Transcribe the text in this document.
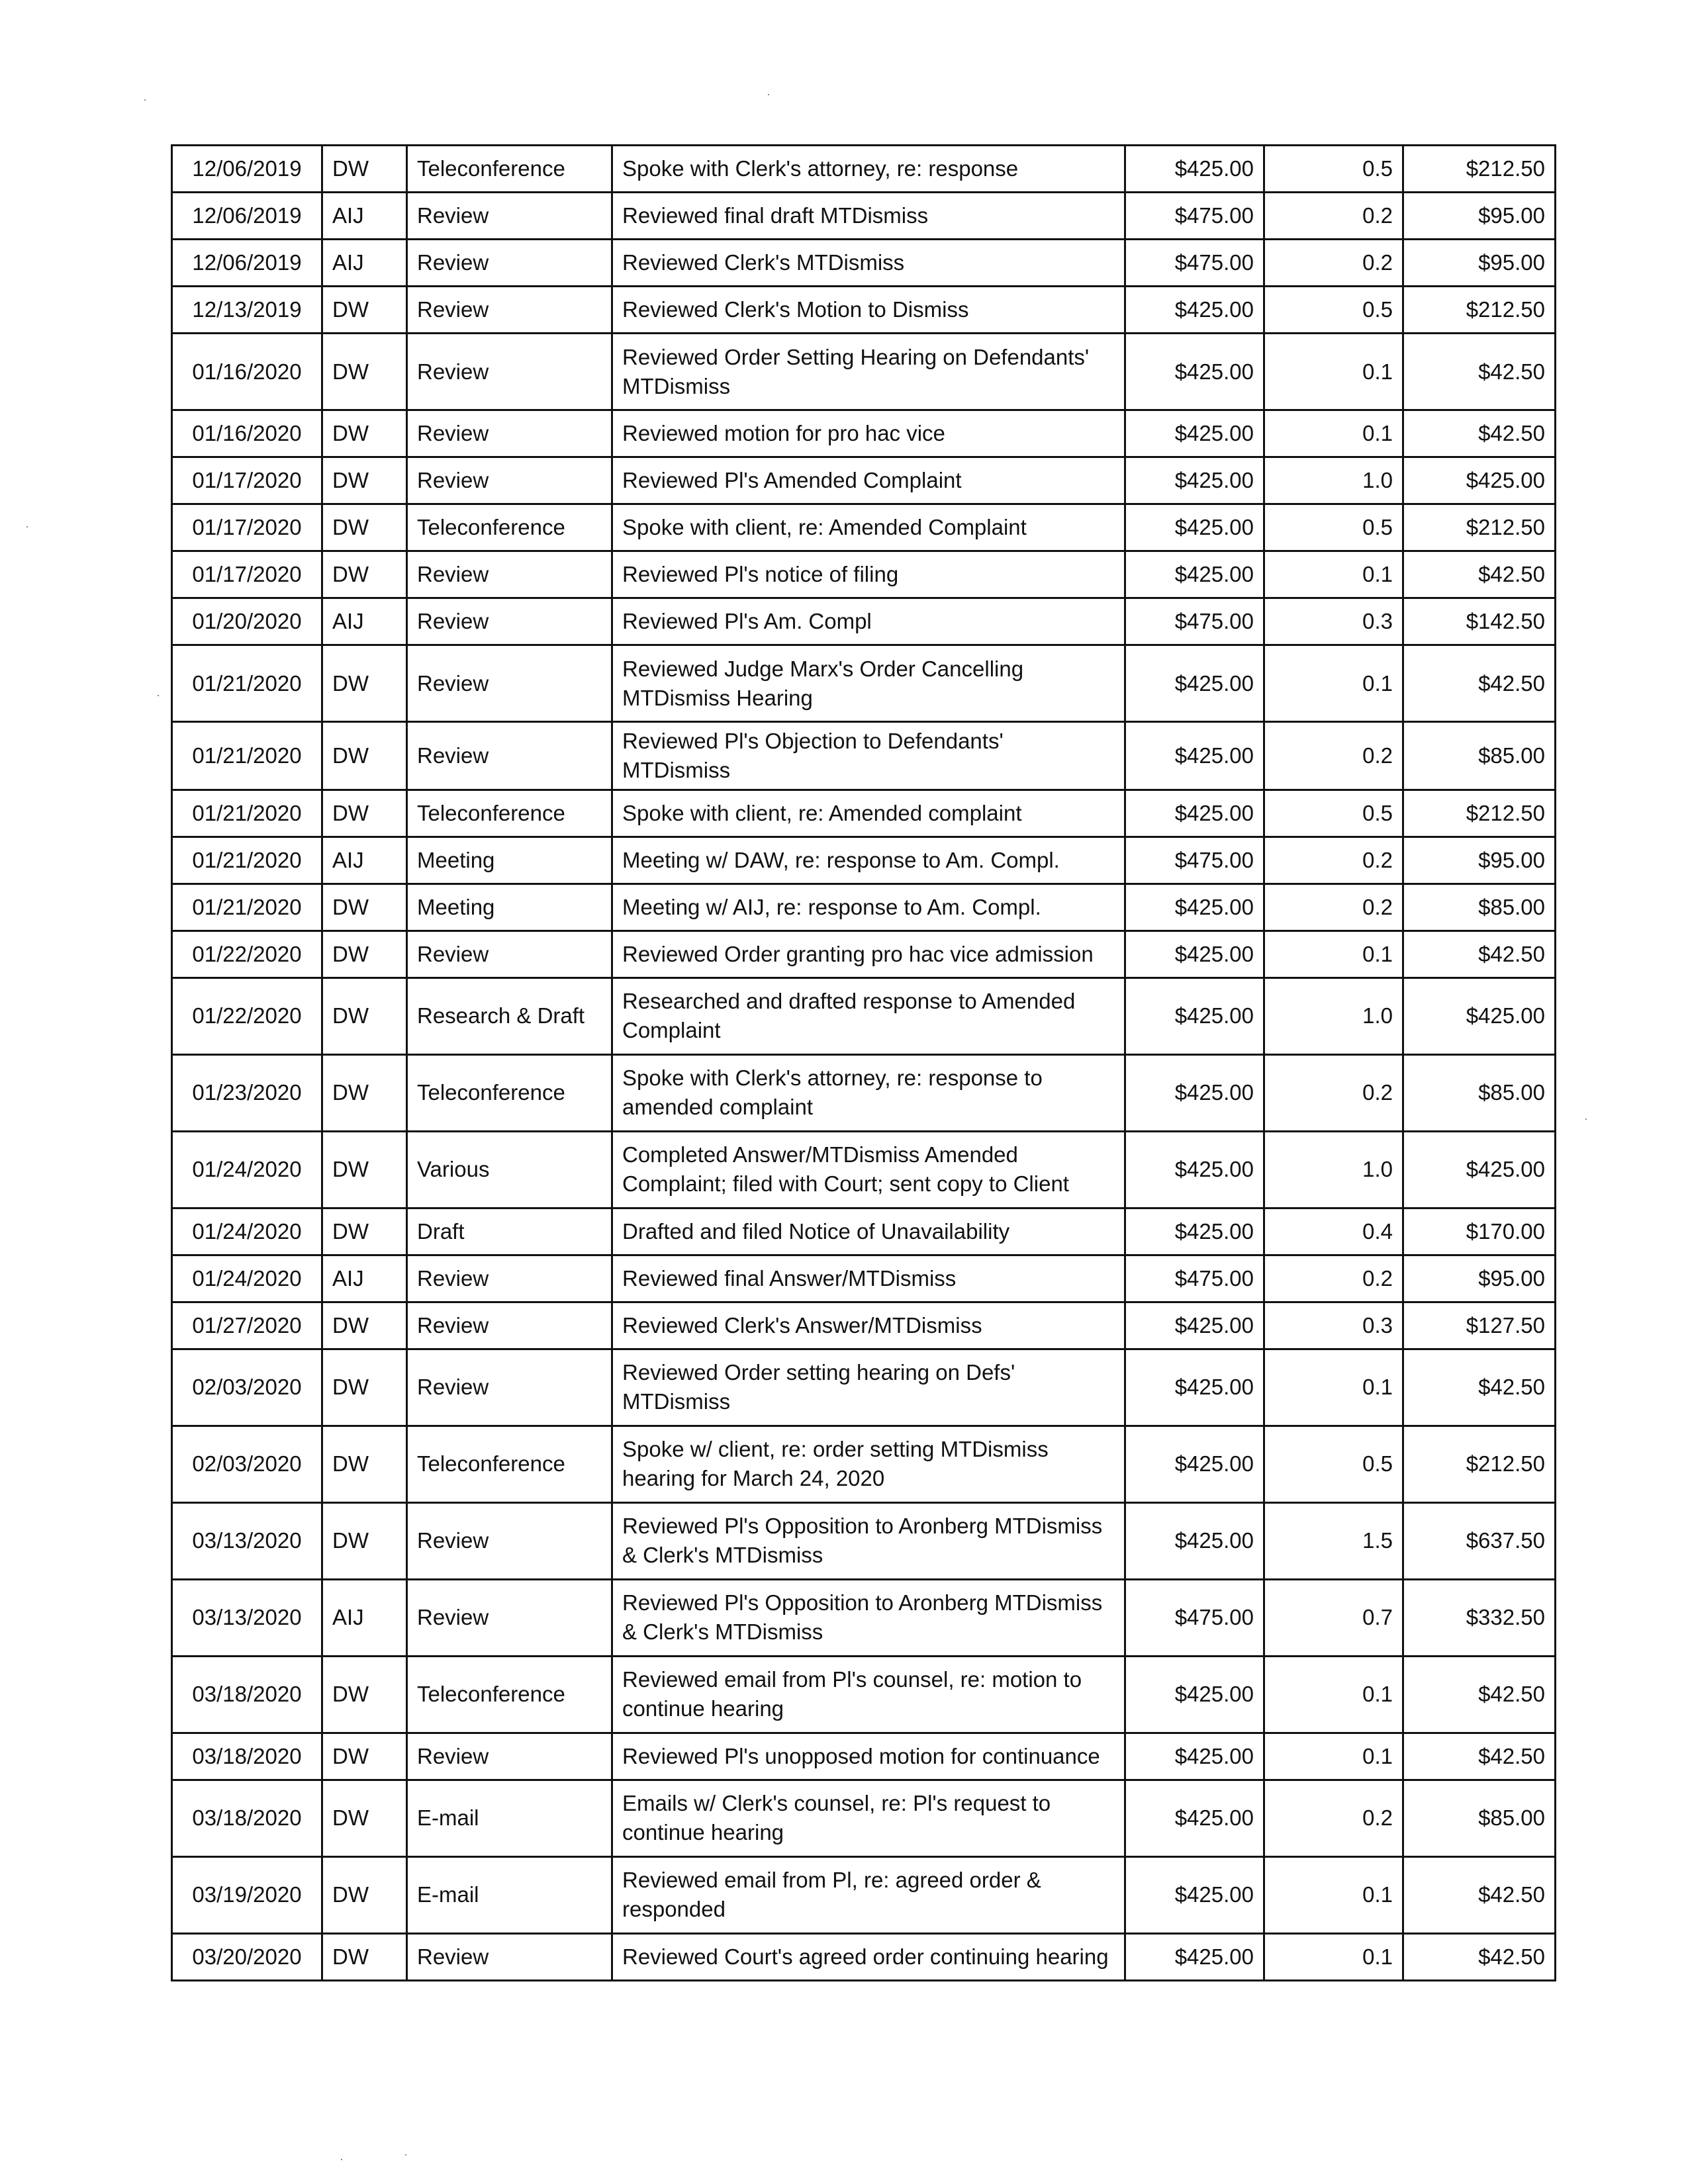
12/06/2019	DW	Teleconference	Spoke with Clerk's attorney, re: response	$425.00	0.5	$212.50
12/06/2019	AIJ	Review	Reviewed final draft MTDismiss	$475.00	0.2	$95.00
12/06/2019	AIJ	Review	Reviewed Clerk's MTDismiss	$475.00	0.2	$95.00
12/13/2019	DW	Review	Reviewed Clerk's Motion to Dismiss	$425.00	0.5	$212.50
01/16/2020	DW	Review	Reviewed Order Setting Hearing on Defendants' MTDismiss	$425.00	0.1	$42.50
01/16/2020	DW	Review	Reviewed motion for pro hac vice	$425.00	0.1	$42.50
01/17/2020	DW	Review	Reviewed Pl's Amended Complaint	$425.00	1.0	$425.00
01/17/2020	DW	Teleconference	Spoke with client, re: Amended Complaint	$425.00	0.5	$212.50
01/17/2020	DW	Review	Reviewed Pl's notice of filing	$425.00	0.1	$42.50
01/20/2020	AIJ	Review	Reviewed Pl's Am. Compl	$475.00	0.3	$142.50
01/21/2020	DW	Review	Reviewed Judge Marx's Order Cancelling MTDismiss Hearing	$425.00	0.1	$42.50
01/21/2020	DW	Review	Reviewed Pl's Objection to Defendants' MTDismiss	$425.00	0.2	$85.00
01/21/2020	DW	Teleconference	Spoke with client, re: Amended complaint	$425.00	0.5	$212.50
01/21/2020	AIJ	Meeting	Meeting w/ DAW, re: response to Am. Compl.	$475.00	0.2	$95.00
01/21/2020	DW	Meeting	Meeting w/ AIJ, re: response to Am. Compl.	$425.00	0.2	$85.00
01/22/2020	DW	Review	Reviewed Order granting pro hac vice admission	$425.00	0.1	$42.50
01/22/2020	DW	Research & Draft	Researched and drafted response to Amended Complaint	$425.00	1.0	$425.00
01/23/2020	DW	Teleconference	Spoke with Clerk's attorney, re: response to amended complaint	$425.00	0.2	$85.00
01/24/2020	DW	Various	Completed Answer/MTDismiss Amended Complaint; filed with Court; sent copy to Client	$425.00	1.0	$425.00
01/24/2020	DW	Draft	Drafted and filed Notice of Unavailability	$425.00	0.4	$170.00
01/24/2020	AIJ	Review	Reviewed final Answer/MTDismiss	$475.00	0.2	$95.00
01/27/2020	DW	Review	Reviewed Clerk's Answer/MTDismiss	$425.00	0.3	$127.50
02/03/2020	DW	Review	Reviewed Order setting hearing on Defs' MTDismiss	$425.00	0.1	$42.50
02/03/2020	DW	Teleconference	Spoke w/ client, re: order setting MTDismiss hearing for March 24, 2020	$425.00	0.5	$212.50
03/13/2020	DW	Review	Reviewed Pl's Opposition to Aronberg MTDismiss & Clerk's MTDismiss	$425.00	1.5	$637.50
03/13/2020	AIJ	Review	Reviewed Pl's Opposition to Aronberg MTDismiss & Clerk's MTDismiss	$475.00	0.7	$332.50
03/18/2020	DW	Teleconference	Reviewed email from Pl's counsel, re: motion to continue hearing	$425.00	0.1	$42.50
03/18/2020	DW	Review	Reviewed Pl's unopposed motion for continuance	$425.00	0.1	$42.50
03/18/2020	DW	E-mail	Emails w/ Clerk's counsel, re: Pl's request to continue hearing	$425.00	0.2	$85.00
03/19/2020	DW	E-mail	Reviewed email from Pl, re: agreed order & responded	$425.00	0.1	$42.50
03/20/2020	DW	Review	Reviewed Court's agreed order continuing hearing	$425.00	0.1	$42.50
